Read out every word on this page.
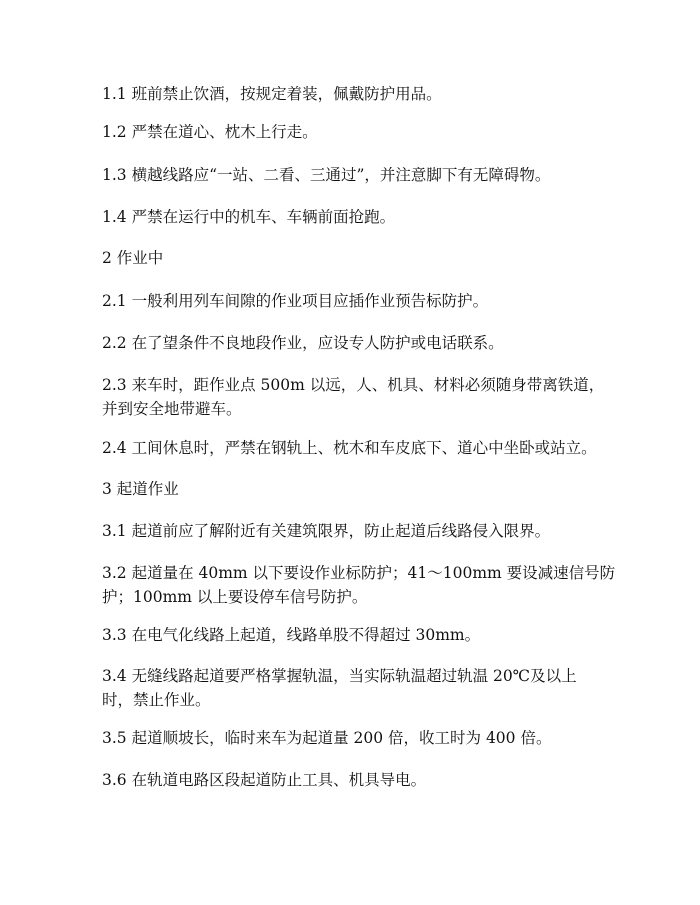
1.1 班前禁止饮酒，按规定着装，佩戴防护用品。
1.2 严禁在道心、枕木上行走。
1.3 横越线路应“一站、二看、三通过”，并注意脚下有无障碍物。
1.4 严禁在运行中的机车、车辆前面抢跑。
2 作业中
2.1 一般利用列车间隙的作业项目应插作业预告标防护。
2.2 在了望条件不良地段作业，应设专人防护或电话联系。
2.3 来车时，距作业点 500m 以远，人、机具、材料必须随身带离铁道，
并到安全地带避车。
2.4 工间休息时，严禁在钢轨上、枕木和车皮底下、道心中坐卧或站立。
3 起道作业
3.1 起道前应了解附近有关建筑限界，防止起道后线路侵入限界。
3.2 起道量在 40mm 以下要设作业标防护；41～100mm 要设减速信号防
护；100mm 以上要设停车信号防护。
3.3 在电气化线路上起道，线路单股不得超过 30mm。
3.4 无缝线路起道要严格掌握轨温，当实际轨温超过轨温 20℃及以上
时，禁止作业。
3.5 起道顺坡长，临时来车为起道量 200 倍，收工时为 400 倍。
3.6 在轨道电路区段起道防止工具、机具导电。
